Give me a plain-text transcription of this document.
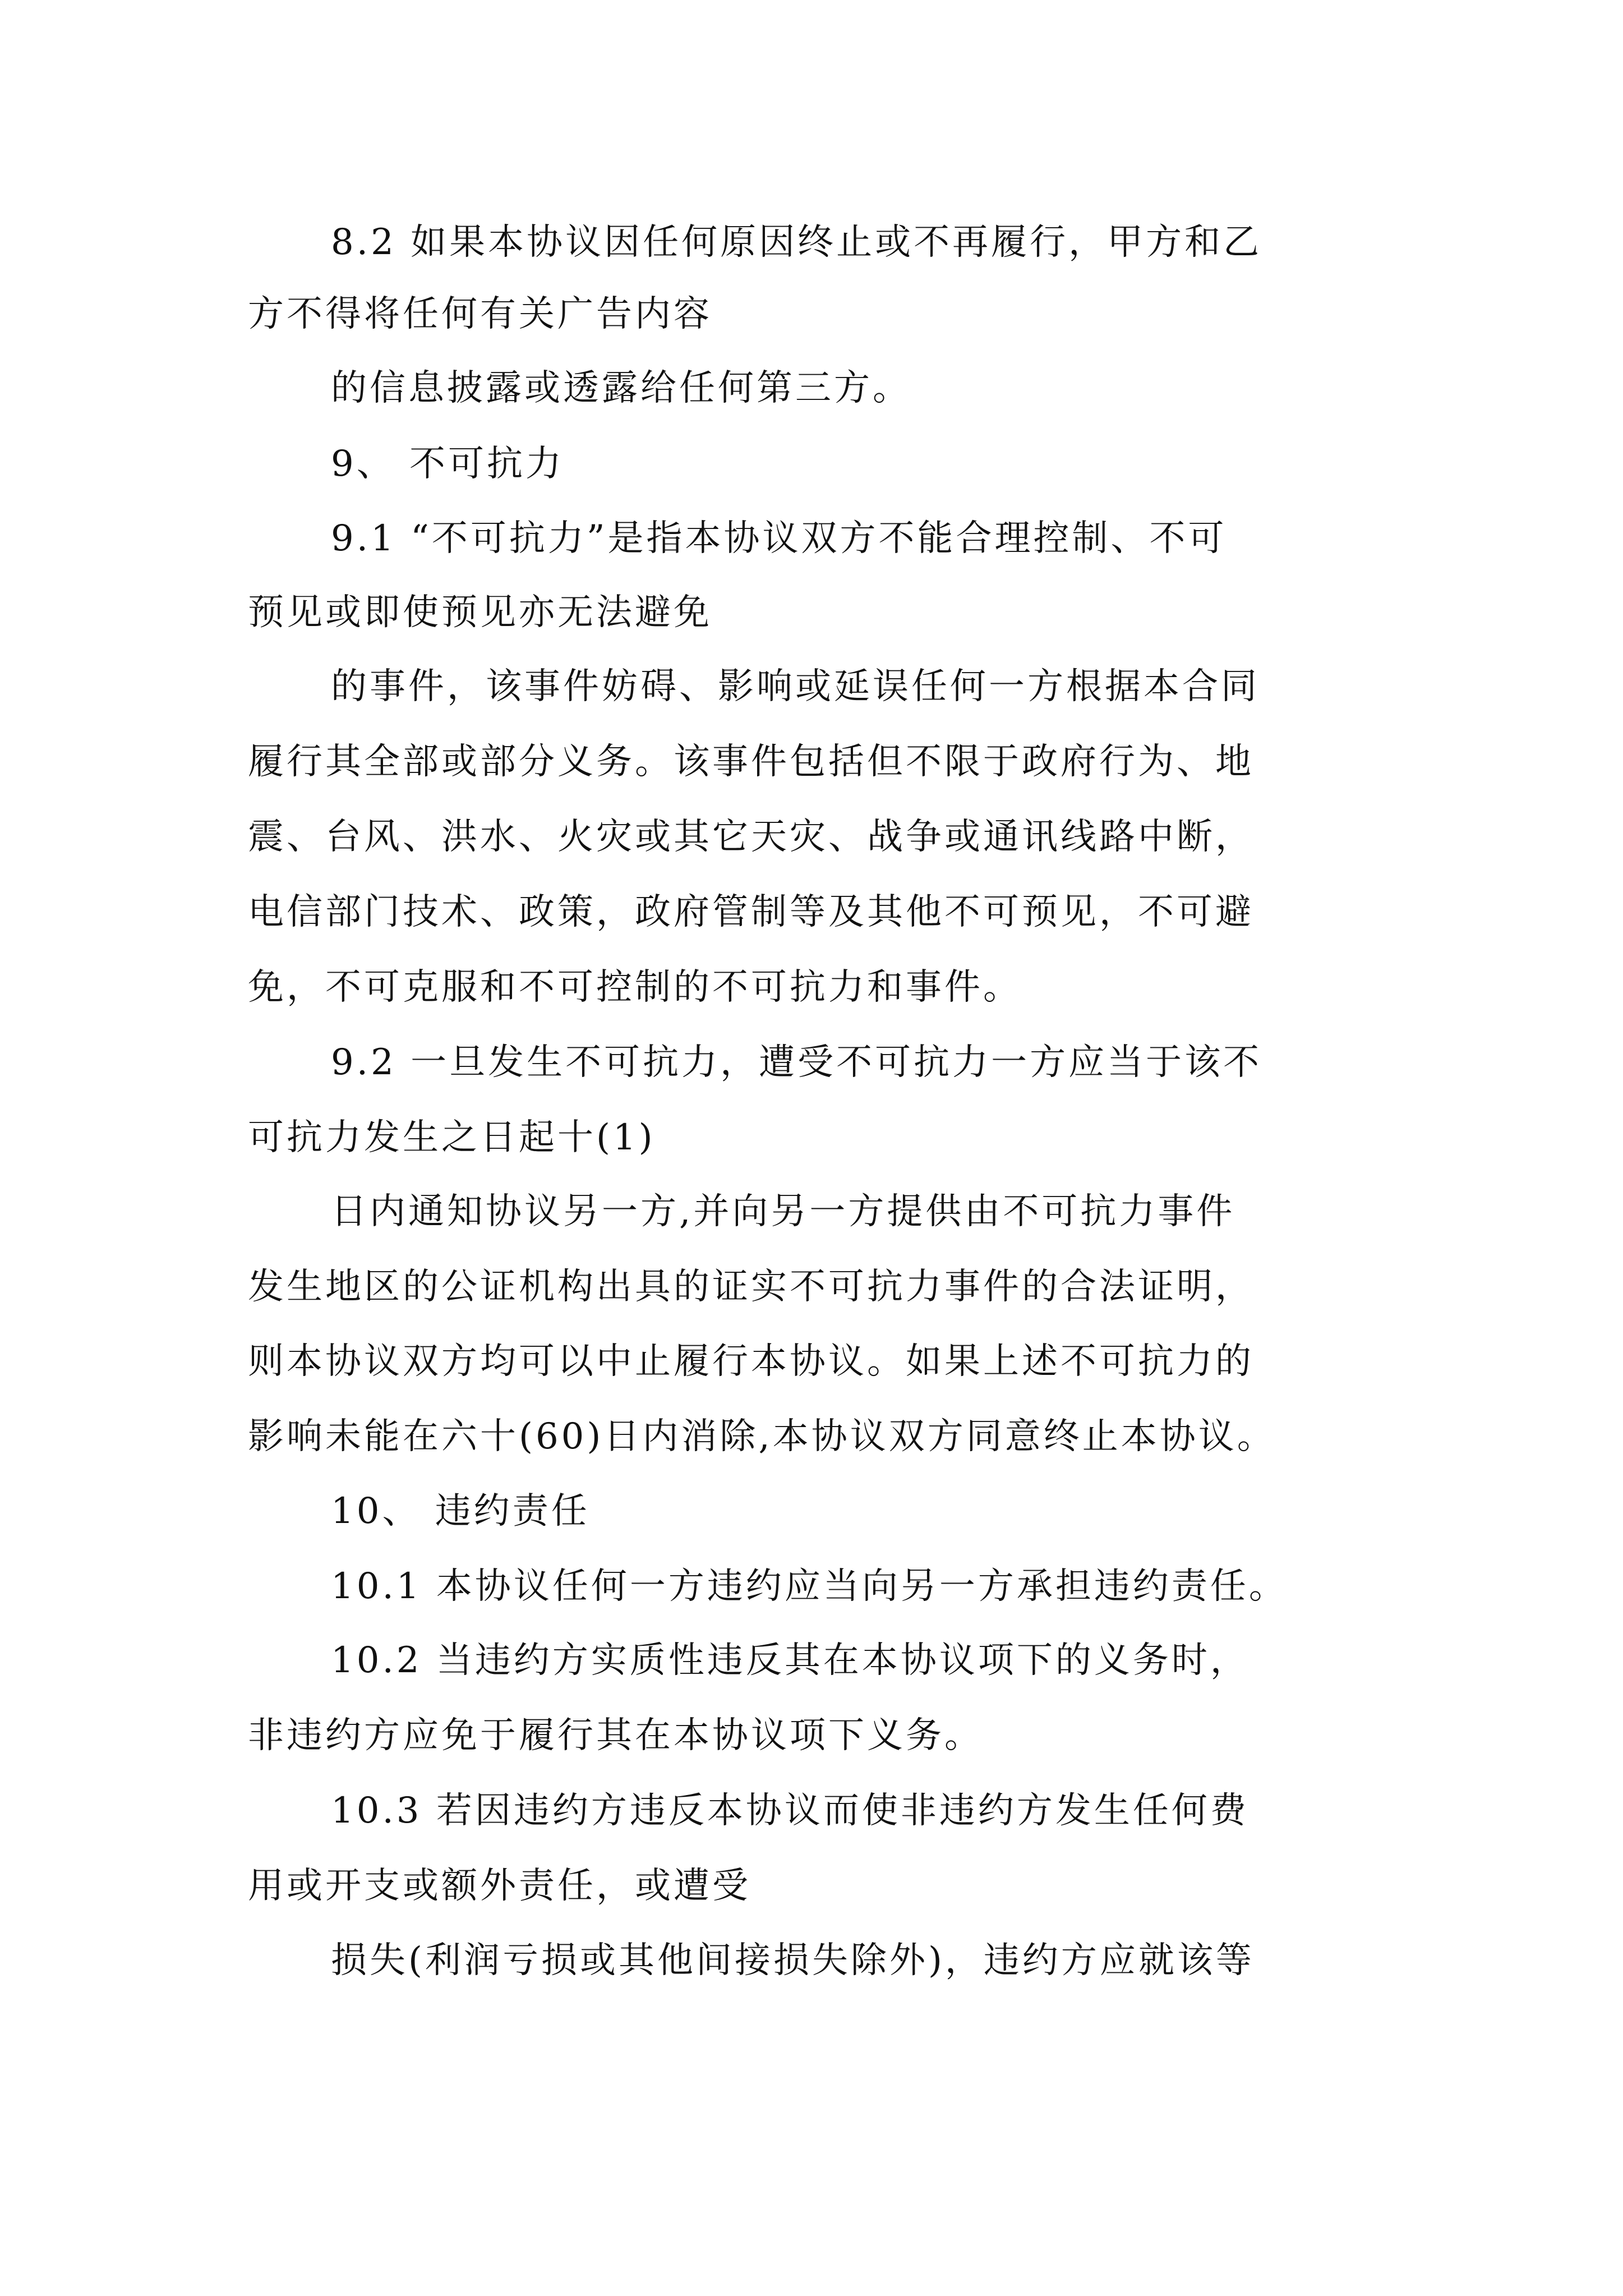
8.2 如果本协议因任何原因终止或不再履行，甲方和乙
方不得将任何有关广告内容
的信息披露或透露给任何第三方。
9、 不可抗力
9.1 “不可抗力”是指本协议双方不能合理控制、不可
预见或即使预见亦无法避免
的事件，该事件妨碍、影响或延误任何一方根据本合同
履行其全部或部分义务。该事件包括但不限于政府行为、地
震、台风、洪水、火灾或其它天灾、战争或通讯线路中断，
电信部门技术、政策，政府管制等及其他不可预见，不可避
免，不可克服和不可控制的不可抗力和事件。
9.2 一旦发生不可抗力，遭受不可抗力一方应当于该不
可抗力发生之日起十(1)
日内通知协议另一方,并向另一方提供由不可抗力事件
发生地区的公证机构出具的证实不可抗力事件的合法证明，
则本协议双方均可以中止履行本协议。如果上述不可抗力的
影响未能在六十(60)日内消除,本协议双方同意终止本协议。
10、 违约责任
10.1 本协议任何一方违约应当向另一方承担违约责任。
10.2 当违约方实质性违反其在本协议项下的义务时，
非违约方应免于履行其在本协议项下义务。
10.3 若因违约方违反本协议而使非违约方发生任何费
用或开支或额外责任，或遭受
损失(利润亏损或其他间接损失除外)，违约方应就该等
